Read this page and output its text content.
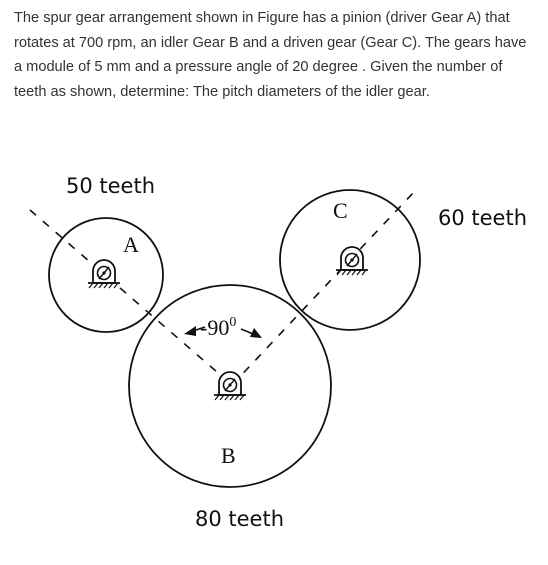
The spur gear arrangement shown in Figure has a pinion (driver Gear A) that rotates at 700 rpm, an idler Gear B and a driven gear (Gear C). The gears have a module of 5 mm and a pressure angle of 20 degree . Given the number of teeth as shown, determine: The pitch diameters of the idler gear.

50 teeth
60 teeth
80 teeth
A
C
B
$-90^0$
